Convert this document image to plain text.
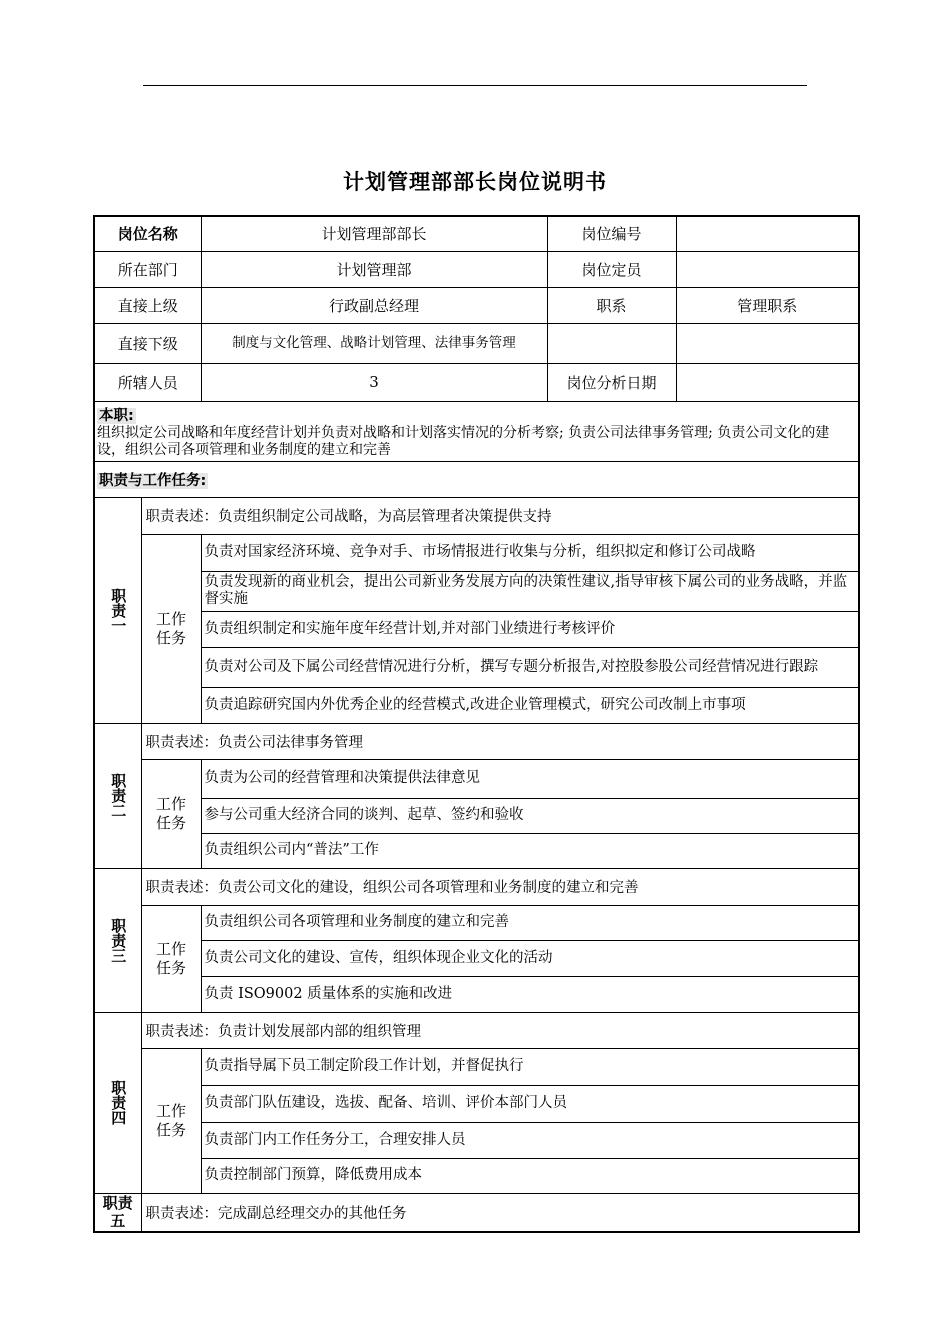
计划管理部部长岗位说明书
岗位名称		计划管理部部长	岗位编号	
所在部门		计划管理部	岗位定员	
直接上级		行政副总经理	职系	管理职系
直接下级		制度与文化管理、战略计划管理、法律事务管理		
所辖人员		3	岗位分析日期	
本职:
组织拟定公司战略和年度经营计划并负责对战略和计划落实情况的分析考察; 负责公司法律事务管理; 负责公司文化的建设，组织公司各项管理和业务制度的建立和完善				

职责与工作任务:				
职责一	职责表述：负责组织制定公司战略，为高层管理者决策提供支持			
	工作任务	负责对国家经济环境、竞争对手、市场情报进行收集与分析，组织拟定和修订公司战略		
		负责发现新的商业机会，提出公司新业务发展方向的决策性建议,指导审核下属公司的业务战略，并监督实施		
		负责组织制定和实施年度年经营计划,并对部门业绩进行考核评价		
		负责对公司及下属公司经营情况进行分析，撰写专题分析报告,对控股参股公司经营情况进行跟踪		
		负责追踪研究国内外优秀企业的经营模式,改进企业管理模式，研究公司改制上市事项		
职责二	职责表述：负责公司法律事务管理			
	工作任务	负责为公司的经营管理和决策提供法律意见		
		参与公司重大经济合同的谈判、起草、签约和验收		
		负责组织公司内“普法”工作		
职责三	职责表述：负责公司文化的建设，组织公司各项管理和业务制度的建立和完善			
	工作任务	负责组织公司各项管理和业务制度的建立和完善		
		负责公司文化的建设、宣传，组织体现企业文化的活动		
		负责 ISO9002 质量体系的实施和改进		
职责四	职责表述：负责计划发展部内部的组织管理			
	工作任务	负责指导属下员工制定阶段工作计划，并督促执行		
		负责部门队伍建设，选拔、配备、培训、评价本部门人员		
		负责部门内工作任务分工，合理安排人员		
		负责控制部门预算，降低费用成本		
职责五	职责表述：完成副总经理交办的其他任务			
